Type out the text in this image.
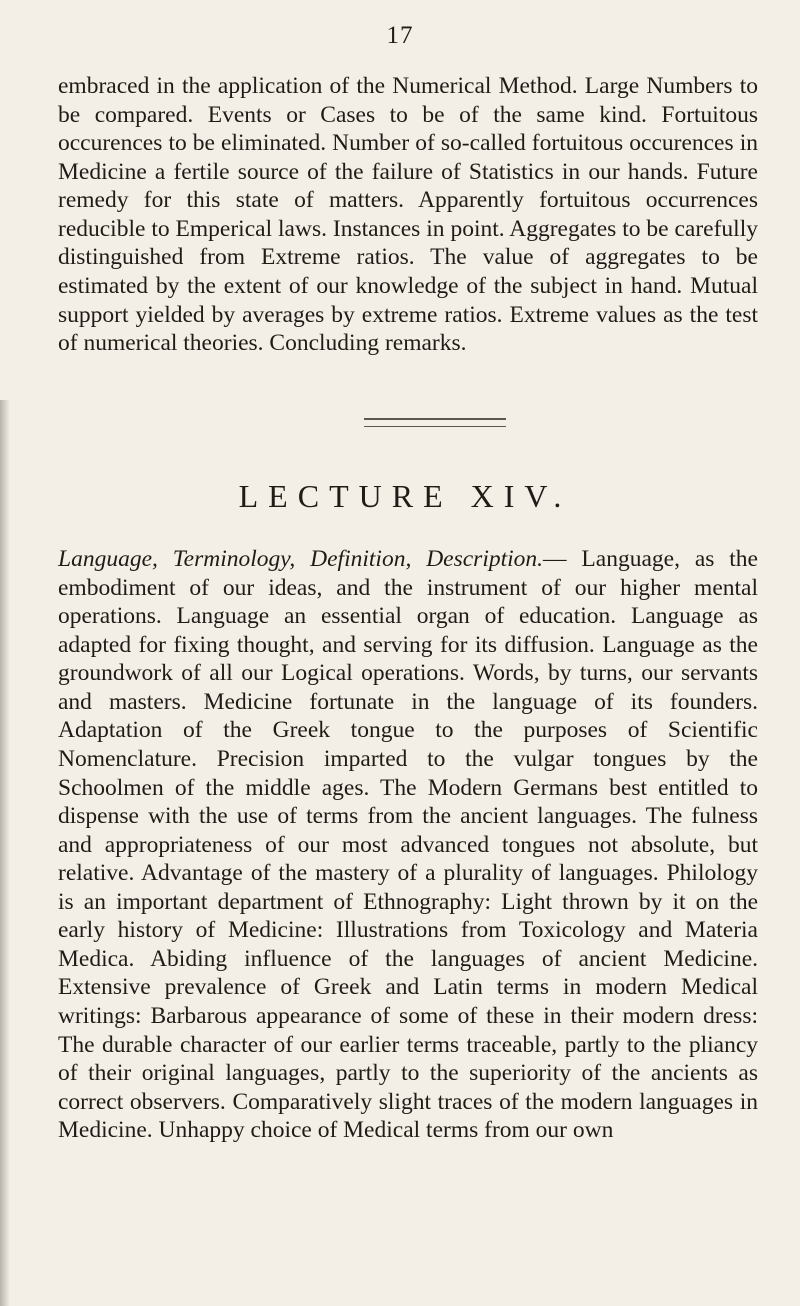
17

embraced in the application of the Numerical Method. Large Numbers to be compared. Events or Cases to be of the same kind. Fortuitous occurences to be eliminated. Number of so-called fortuitous occurences in Medicine a fertile source of the failure of Statistics in our hands. Future remedy for this state of matters. Apparently fortuitous occurrences reducible to Emperical laws. Instances in point. Aggregates to be carefully distinguished from Extreme ratios. The value of aggregates to be estimated by the extent of our knowledge of the subject in hand. Mutual support yielded by averages by extreme ratios. Extreme values as the test of numerical theories. Concluding remarks.

LECTURE XIV.

Language, Terminology, Definition, Description.— Language, as the embodiment of our ideas, and the instrument of our higher mental operations. Language an essential organ of education. Language as adapted for fixing thought, and serving for its diffusion. Language as the groundwork of all our Logical operations. Words, by turns, our servants and masters. Medicine fortunate in the language of its founders. Adaptation of the Greek tongue to the purposes of Scientific Nomenclature. Precision imparted to the vulgar tongues by the Schoolmen of the middle ages. The Modern Germans best entitled to dispense with the use of terms from the ancient languages. The fulness and appropriateness of our most advanced tongues not absolute, but relative. Advantage of the mastery of a plurality of languages. Philology is an important department of Ethnography: Light thrown by it on the early history of Medicine: Illustrations from Toxicology and Materia Medica. Abiding influence of the languages of ancient Medicine. Extensive prevalence of Greek and Latin terms in modern Medical writings: Barbarous appearance of some of these in their modern dress: The durable character of our earlier terms traceable, partly to the pliancy of their original languages, partly to the superiority of the ancients as correct observers. Comparatively slight traces of the modern languages in Medicine. Unhappy choice of Medical terms from our own
